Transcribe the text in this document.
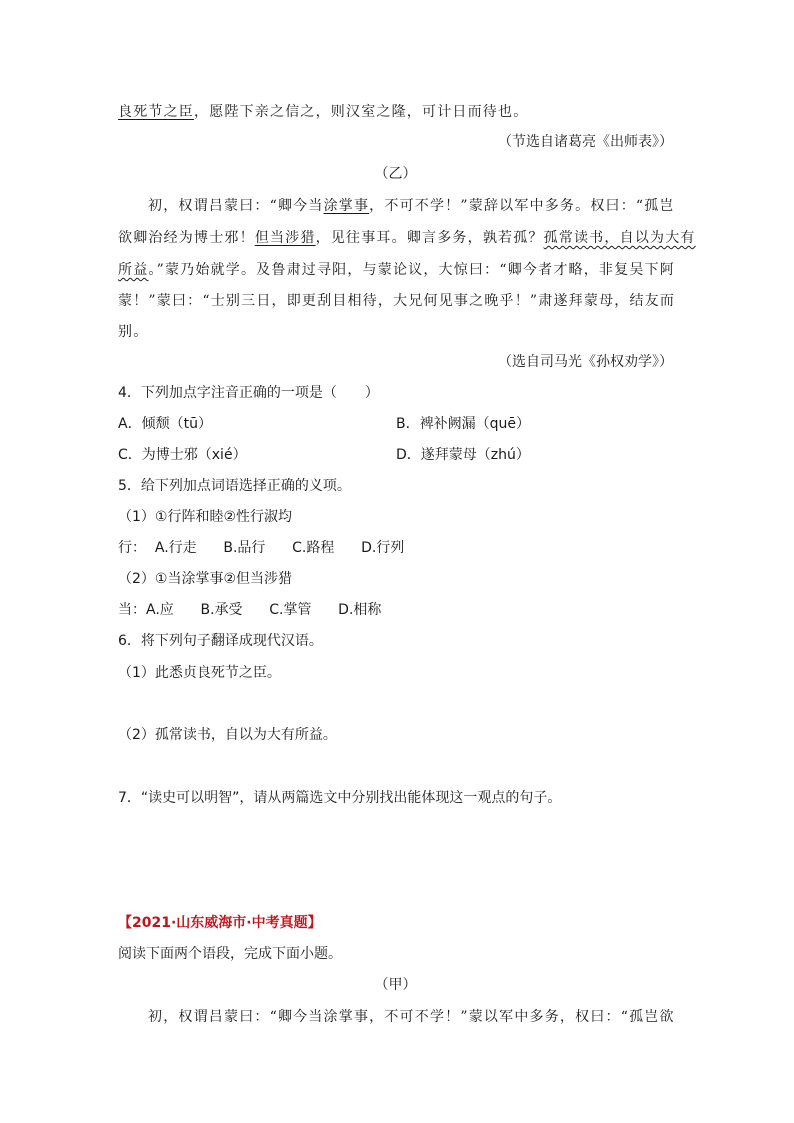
良死节之臣，愿陛下亲之信之，则汉室之隆，可计日而待也。
（节选自诸葛亮《出师表》）
（乙）
初，权谓吕蒙曰：“卿今当涂掌事，不可不学！”蒙辞以军中多务。权曰：“孤岂
欲卿治经为博士邪！但当涉猎，见往事耳。卿言多务，孰若孤？孤常读书，自以为大有
所益。”蒙乃始就学。及鲁肃过寻阳，与蒙论议，大惊曰：“卿今者才略，非复吴下阿
蒙！”蒙曰：“士别三日，即更刮目相待，大兄何见事之晚乎！”肃遂拜蒙母，结友而
别。
（选自司马光《孙权劝学》）
4．下列加点字注音正确的一项是（　　）
A．倾颓（tū）	B．裨补阙漏（quē）
C．为博士邪（xié）	D．遂拜蒙母（zhú）
5．给下列加点词语选择正确的义项。
（1）①行阵和睦②性行淑均
行：  A.行走      B.品行      C.路程      D.行列
（2）①当涂掌事②但当涉猎
当：A.应      B.承受      C.掌管      D.相称
6．将下列句子翻译成现代汉语。
（1）此悉贞良死节之臣。
（2）孤常读书，自以为大有所益。
7．“读史可以明智”，请从两篇选文中分别找出能体现这一观点的句子。
【2021·山东威海市·中考真题】
阅读下面两个语段，完成下面小题。
（甲）
初，权谓吕蒙曰：“卿今当涂掌事，不可不学！”蒙以军中多务，权曰：“孤岂欲
